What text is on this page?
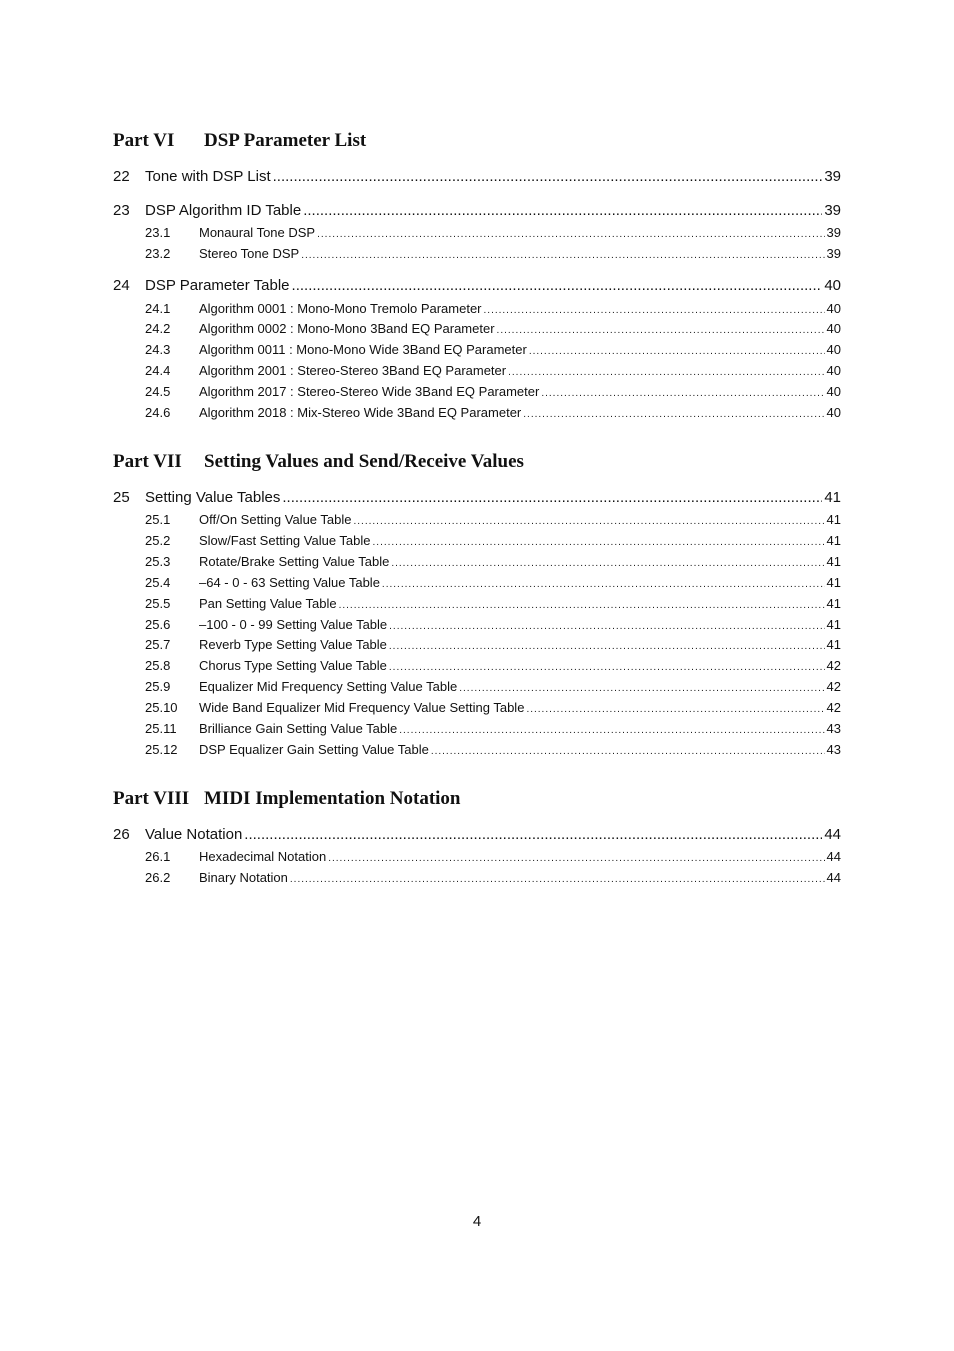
Part VI	DSP Parameter List
22	Tone with DSP List .....	39
23	DSP Algorithm ID Table .....	39
23.1	Monaural Tone DSP .....	39
23.2	Stereo Tone DSP .....	39
24	DSP Parameter Table .....	40
24.1	Algorithm 0001 : Mono-Mono Tremolo Parameter .....	40
24.2	Algorithm 0002 : Mono-Mono 3Band EQ Parameter .....	40
24.3	Algorithm 0011 : Mono-Mono Wide 3Band EQ Parameter .....	40
24.4	Algorithm 2001 : Stereo-Stereo 3Band EQ Parameter .....	40
24.5	Algorithm 2017 : Stereo-Stereo Wide 3Band EQ Parameter .....	40
24.6	Algorithm 2018 : Mix-Stereo Wide 3Band EQ Parameter .....	40
Part VII	Setting Values and Send/Receive Values
25	Setting Value Tables .....	41
25.1	Off/On Setting Value Table .....	41
25.2	Slow/Fast Setting Value Table .....	41
25.3	Rotate/Brake Setting Value Table .....	41
25.4	–64 - 0 - 63 Setting Value Table .....	41
25.5	Pan Setting Value Table .....	41
25.6	–100 - 0 - 99 Setting Value Table .....	41
25.7	Reverb Type Setting Value Table .....	41
25.8	Chorus Type Setting Value Table .....	42
25.9	Equalizer Mid Frequency Setting Value Table .....	42
25.10	Wide Band Equalizer Mid Frequency Value Setting Table .....	42
25.11	Brilliance Gain Setting Value Table .....	43
25.12	DSP Equalizer Gain Setting Value Table .....	43
Part VIII MIDI Implementation Notation
26	Value Notation .....	44
26.1	Hexadecimal Notation .....	44
26.2	Binary Notation .....	44
4
